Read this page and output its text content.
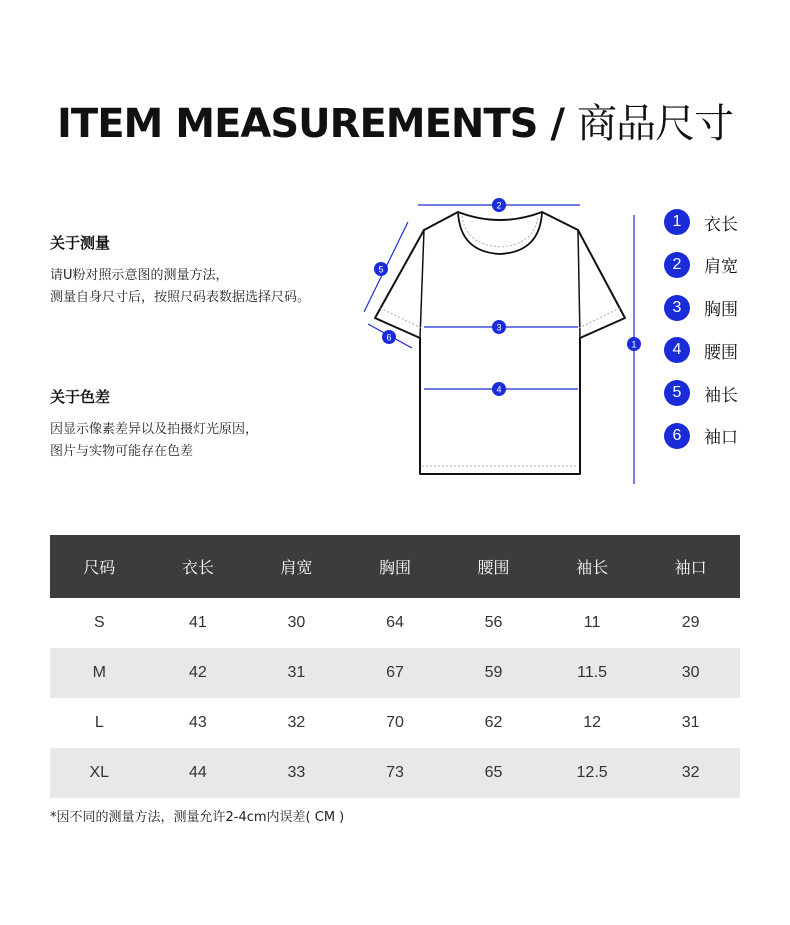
ITEM MEASUREMENTS / 商品尺寸
关于测量

请U粉对照示意图的测量方法，

测量自身尺寸后，按照尺码表数据选择尺码。

关于色差

因显示像素差异以及拍摄灯光原因，

图片与实物可能存在色差

2
3
4
1
5
6
1	衣长
2	肩宽
3	胸围
4	腰围
5	袖长
6	袖口
尺码	衣长	肩宽	胸围	腰围	袖长	袖口
S	41	30	64	56	11	29
M	42	31	67	59	11.5	30
L	43	32	70	62	12	31
XL	44	33	73	65	12.5	32
*因不同的测量方法，测量允许2-4cm内误差( CM )
